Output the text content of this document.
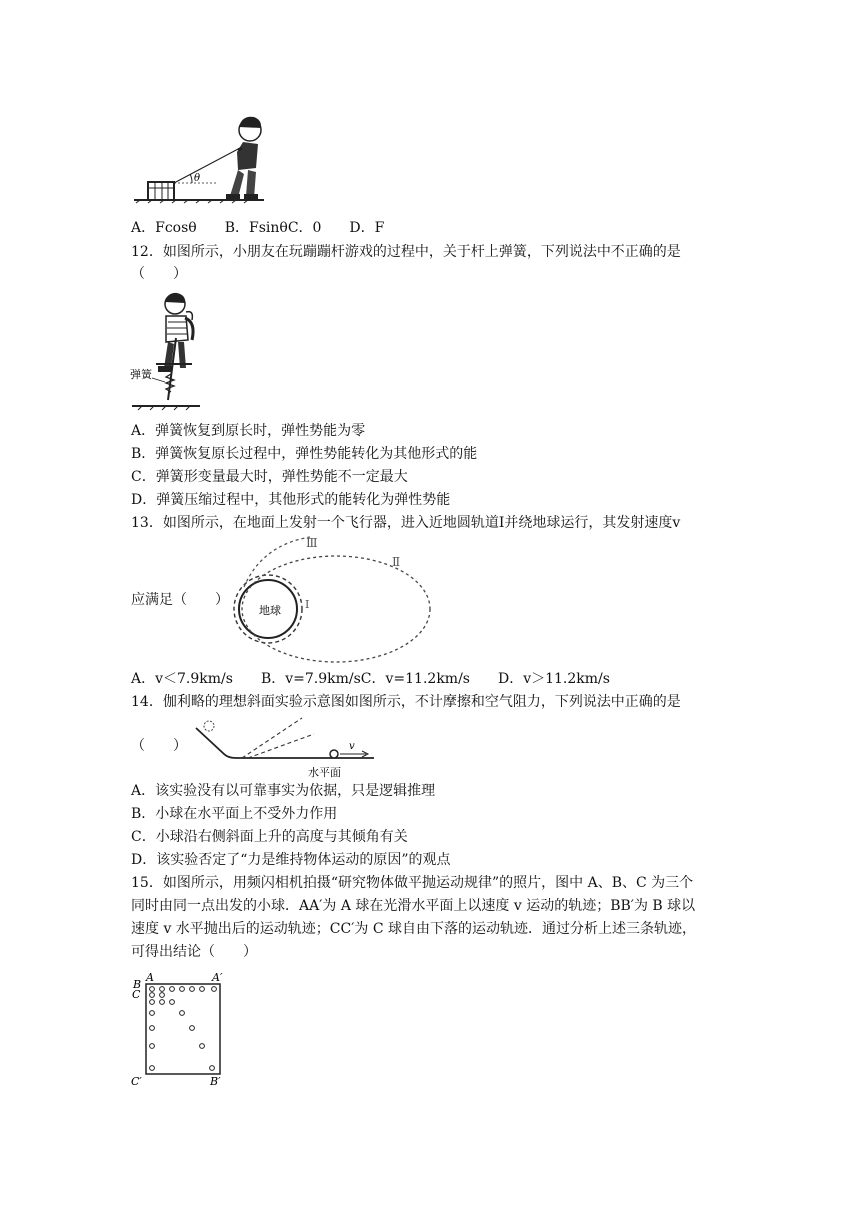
θ
A．Fcosθ　　B．FsinθC．0　　D．F
12．如图所示，小朋友在玩蹦蹦杆游戏的过程中，关于杆上弹簧，下列说法中不正确的是
（　　）
弹簧
A．弹簧恢复到原长时，弹性势能为零
B．弹簧恢复原长过程中，弹性势能转化为其他形式的能
C．弹簧形变量最大时，弹性势能不一定最大
D．弹簧压缩过程中，其他形式的能转化为弹性势能
13．如图所示，在地面上发射一个飞行器，进入近地圆轨道Ⅰ并绕地球运行，其发射速度v
地球 Ⅰ
Ⅱ
Ⅲ
应满足（　　）
A．v＜7.9km/s　　B．v=7.9km/sC．v=11.2km/s　　D．v＞11.2km/s
14．伽利略的理想斜面实验示意图如图所示，不计摩擦和空气阻力，下列说法中正确的是
v
水平面
（　　）
A．该实验没有以可靠事实为依据，只是逻辑推理
B．小球在水平面上不受外力作用
C．小球沿右侧斜面上升的高度与其倾角有关
D．该实验否定了“力是维持物体运动的原因”的观点
15．如图所示，用频闪相机拍摄“研究物体做平抛运动规律”的照片，图中 A、B、C 为三个
同时由同一点出发的小球．AA′为 A 球在光滑水平面上以速度 v 运动的轨迹；BB′为 B 球以
速度 v 水平抛出后的运动轨迹；CC′为 C 球自由下落的运动轨迹．通过分析上述三条轨迹，
可得出结论（　　）
A	A′
B
C
C′	B′
